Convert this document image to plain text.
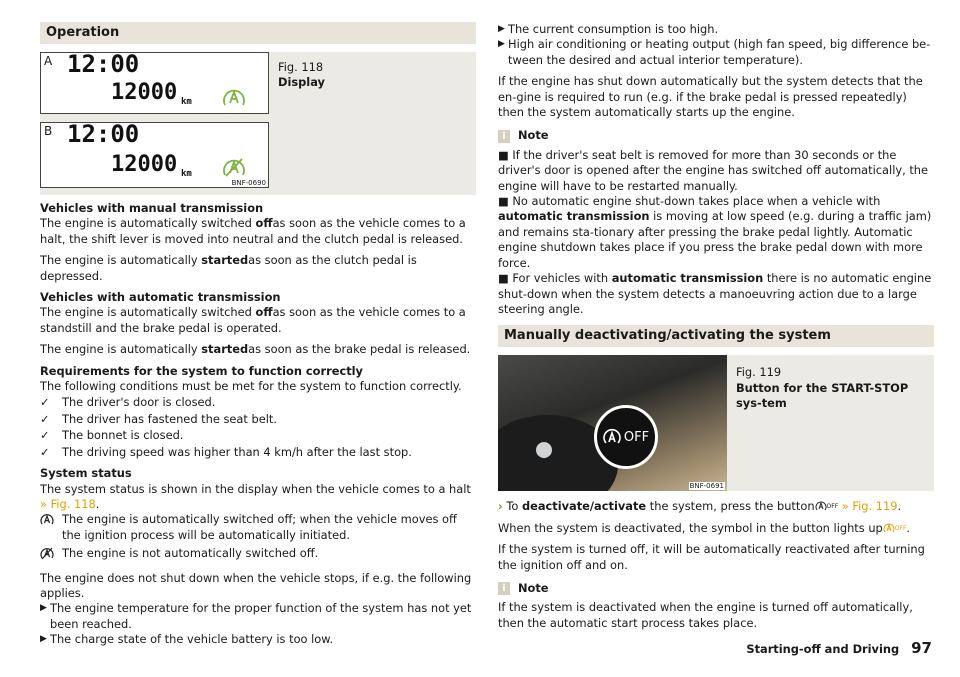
Operation
A 12:00
12000 km
B 12:00
12000 km
BNF-0690
Fig. 118
Display
Vehicles with manual transmission

The engine is automatically switched offas soon as the vehicle comes to a halt, the shift lever is moved into neutral and the clutch pedal is released.

The engine is automatically startedas soon as the clutch pedal is depressed.

Vehicles with automatic transmission

The engine is automatically switched offas soon as the vehicle comes to a standstill and the brake pedal is operated.

The engine is automatically startedas soon as the brake pedal is released.

Requirements for the system to function correctly
The following conditions must be met for the system to function correctly.
✓	The driver's door is closed.
✓	The driver has fastened the seat belt.
✓	The bonnet is closed.
✓	The driving speed was higher than 4 km/h after the last stop.
System status
The system status is shown in the display when the vehicle comes to a halt » Fig. 118.
The engine is automatically switched off; when the vehicle moves off the ignition process will be automatically initiated.
The engine is not automatically switched off.
The engine does not shut down when the vehicle stops, if e.g. the following applies.
▶ The engine temperature for the proper function of the system has not yet been reached.
▶ The charge state of the vehicle battery is too low.
▶ The current consumption is too high.
▶ High air conditioning or heating output (high fan speed, big difference be-tween the desired and actual interior temperature).

If the engine has shut down automatically but the system detects that the en-gine is required to run (e.g. if the brake pedal is pressed repeatedly) then the system automatically starts up the engine.

i	Note
■ If the driver's seat belt is removed for more than 30 seconds or the driver's door is opened after the engine has switched off automatically, the engine will have to be restarted manually.
■ No automatic engine shut-down takes place when a vehicle with automatic transmission is moving at low speed (e.g. during a traffic jam) and remains sta-tionary after pressing the brake pedal lightly. Automatic engine shutdown takes place if you press the brake pedal down with more force.
■ For vehicles with automatic transmission there is no automatic engine shut-down when the system detects a manoeuvring action due to a large steering angle.
Manually deactivating/activating the system
OFF
BNF-0691
Fig. 119
Button for the START-STOP sys-tem
› To deactivate/activate the system, press the button OFF » Fig. 119.

When the system is deactivated, the symbol in the button lights up OFF.

If the system is turned off, it will be automatically reactivated after turning the ignition off and on.

i	Note
If the system is deactivated when the engine is turned off automatically, then the automatic start process takes place.
Starting-off and Driving 97
